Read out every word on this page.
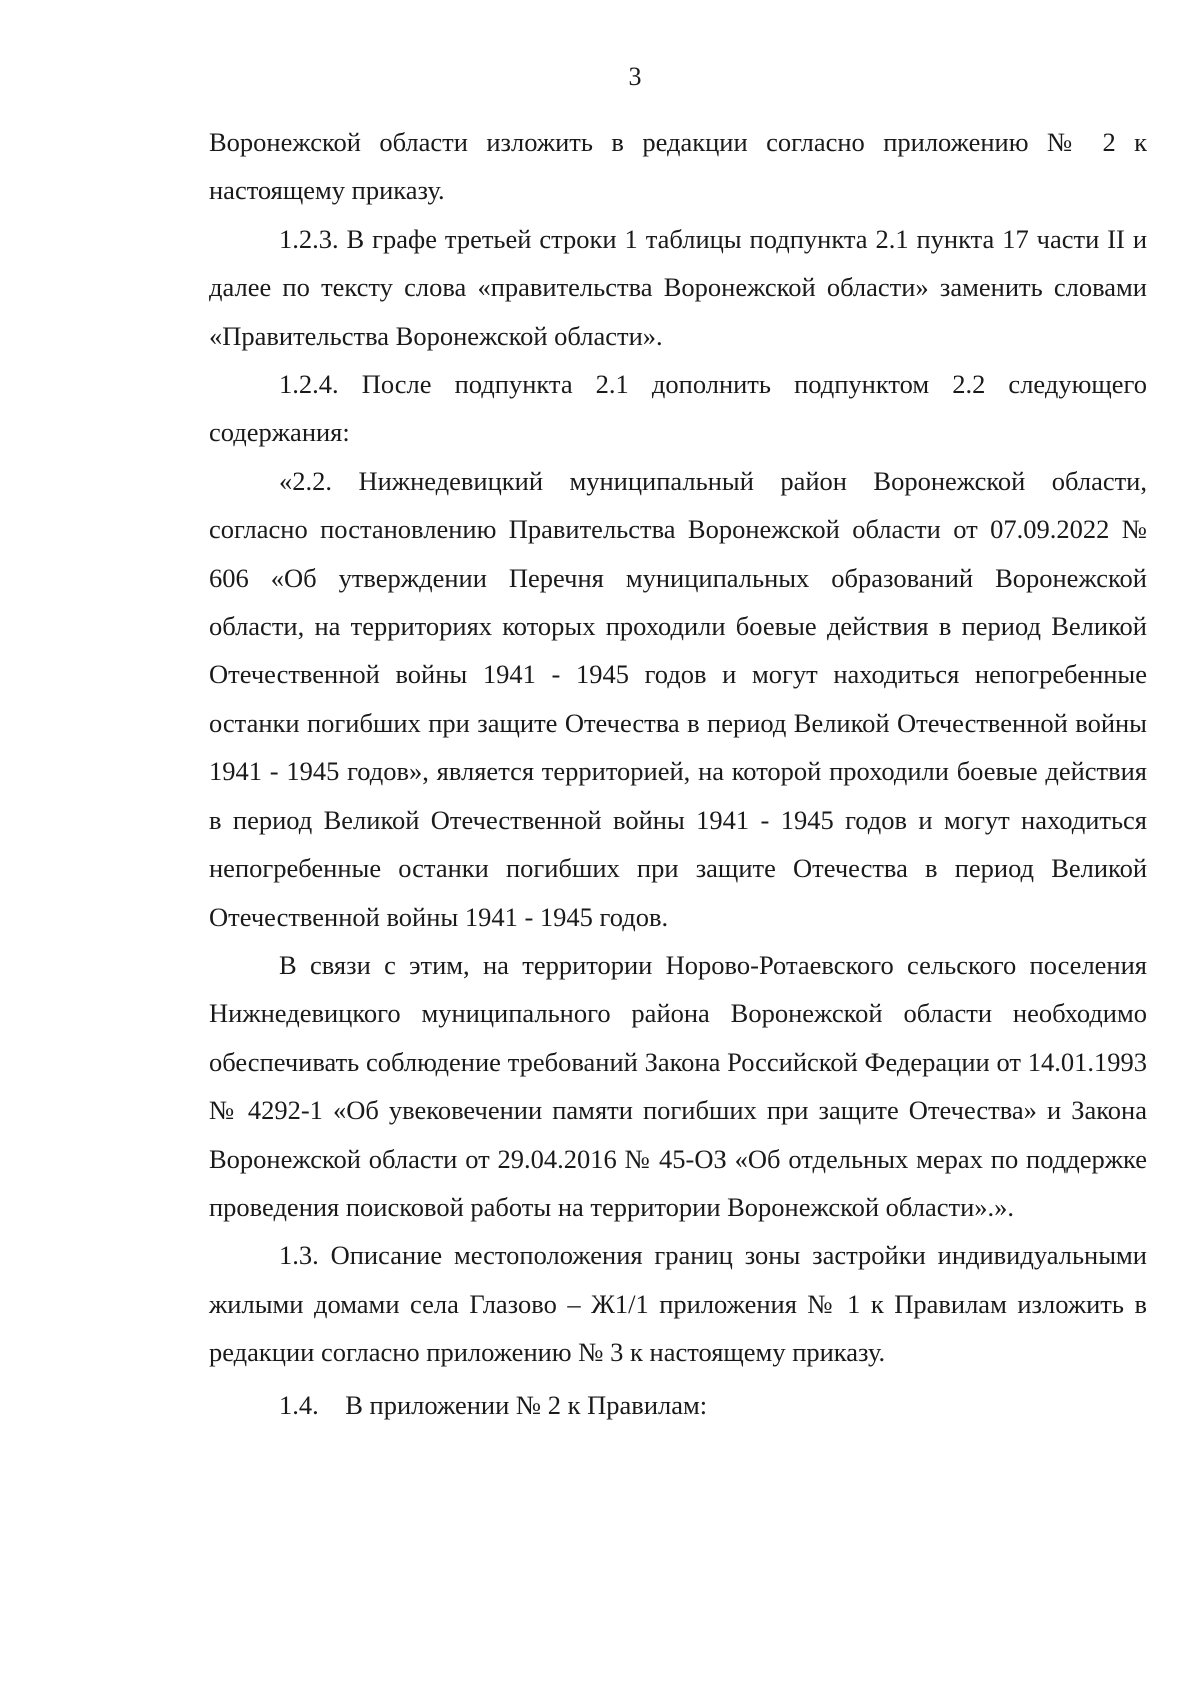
3

Воронежской области изложить в редакции согласно приложению № 2 к настоящему приказу.

1.2.3. В графе третьей строки 1 таблицы подпункта 2.1 пункта 17 части II и далее по тексту слова «правительства Воронежской области» заменить словами «Правительства Воронежской области».

1.2.4. После подпункта 2.1 дополнить подпунктом 2.2 следующего содержания:

«2.2. Нижнедевицкий муниципальный район Воронежской области, согласно постановлению Правительства Воронежской области от 07.09.2022 № 606 «Об утверждении Перечня муниципальных образований Воронежской области, на территориях которых проходили боевые действия в период Великой Отечественной войны 1941 - 1945 годов и могут находиться непогребенные останки погибших при защите Отечества в период Великой Отечественной войны 1941 - 1945 годов», является территорией, на которой проходили боевые действия в период Великой Отечественной войны 1941 - 1945 годов и могут находиться непогребенные останки погибших при защите Отечества в период Великой Отечественной войны 1941 - 1945 годов.

В связи с этим, на территории Норово-Ротаевского сельского поселения Нижнедевицкого муниципального района Воронежской области необходимо обеспечивать соблюдение требований Закона Российской Федерации от 14.01.1993 № 4292-1 «Об увековечении памяти погибших при защите Отечества» и Закона Воронежской области от 29.04.2016 № 45-ОЗ «Об отдельных мерах по поддержке проведения поисковой работы на территории Воронежской области».».

1.3. Описание местоположения границ зоны застройки индивидуальными жилыми домами села Глазово – Ж1/1 приложения № 1 к Правилам изложить в редакции согласно приложению № 3 к настоящему приказу.

1.4.    В приложении № 2 к Правилам:
